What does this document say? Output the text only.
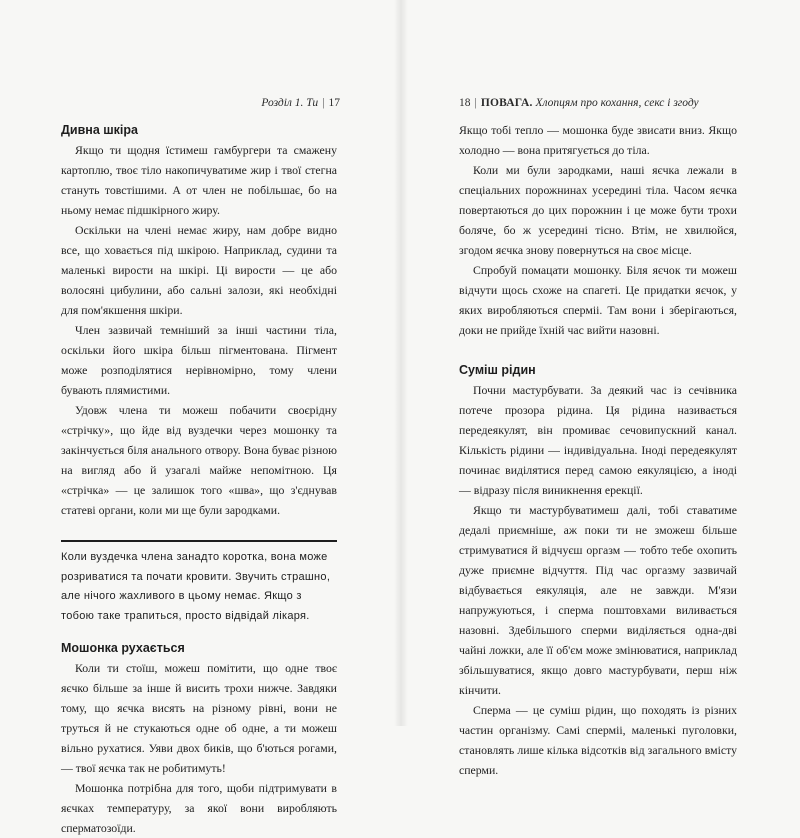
Розділ 1. Ти | 17
Дивна шкіра

Якщо ти щодня їстимеш гамбургери та смажену картоплю, твоє тіло накопичуватиме жир і твої стегна стануть товстішими. А от член не побільшає, бо на ньому немає підшкірного жиру.

Оскільки на члені немає жиру, нам добре видно все, що ховається під шкірою. Наприклад, судини та маленькі вирости на шкірі. Ці вирости — це або волосяні цибулини, або сальні залози, які необхідні для пом'якшення шкіри.

Член зазвичай темніший за інші частини тіла, оскільки його шкіра більш пігментована. Пігмент може розподілятися нерівномірно, тому члени бувають плямистими.

Удовж члена ти можеш побачити своєрідну «стрічку», що йде від вуздечки через мошонку та закінчується біля анального отвору. Вона буває різною на вигляд або й узагалі майже непомітною. Ця «стрічка» — це залишок того «шва», що з'єднував статеві органи, коли ми ще були зародками.

Коли вуздечка члена занадто коротка, вона може розриватися та почати кровити. Звучить страшно, але нічого жахливого в цьому немає. Якщо з тобою таке трапиться, просто відвідай лікаря.

Мошонка рухається

Коли ти стоїш, можеш помітити, що одне твоє яєчко більше за інше й висить трохи нижче. Завдяки тому, що яєчка висять на різному рівні, вони не труться й не стукаються одне об одне, а ти можеш вільно рухатися. Уяви двох биків, що б'ються рогами, — твої яєчка так не робитимуть!

Мошонка потрібна для того, щоби підтримувати в яєчках температуру, за якої вони виробляють сперматозоїди.

18 | ПОВАГА. Хлопцям про кохання, секс і згоду

Якщо тобі тепло — мошонка буде звисати вниз. Якщо холодно — вона притягується до тіла.

Коли ми були зародками, наші яєчка лежали в спеціальних порожнинах усередині тіла. Часом яєчка повертаються до цих порожнин і це може бути трохи боляче, бо ж усередині тісно. Втім, не хвилюйся, згодом яєчка знову повернуться на своє місце.

Спробуй помацати мошонку. Біля яєчок ти можеш відчути щось схоже на спагеті. Це придатки яєчок, у яких виробляються сперміі. Там вони і зберігаються, доки не прийде їхній час вийти назовні.

Суміш рідин

Почни мастурбувати. За деякий час із сечівника потече прозора рідина. Ця рідина називається передеякулят, він промиває сечовипускний канал. Кількість рідини — індивідуальна. Іноді передеякулят починає виділятися перед самою еякуляцією, а іноді — відразу після виникнення ерекції.

Якщо ти мастурбуватимеш далі, тобі ставатиме дедалі приємніше, аж поки ти не зможеш більше стримуватися й відчуєш оргазм — тобто тебе охопить дуже приємне відчуття. Під час оргазму зазвичай відбувається еякуляція, але не завжди. М'язи напружуються, і сперма поштовхами виливається назовні. Здебільшого сперми виділяється одна-дві чайні ложки, але її об'єм може змінюватися, наприклад збільшуватися, якщо довго мастурбувати, перш ніж кінчити.

Сперма — це суміш рідин, що походять із різних частин організму. Самі сперміі, маленькі пуголовки, становлять лише кілька відсотків від загального вмісту сперми.
